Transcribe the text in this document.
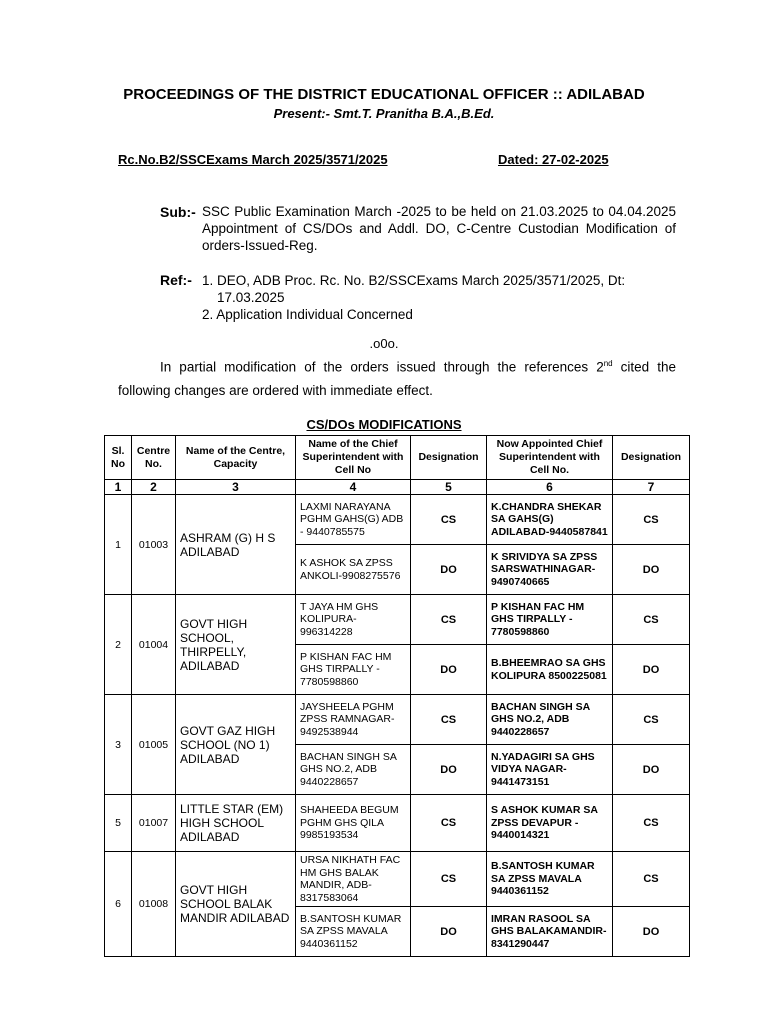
PROCEEDINGS OF THE DISTRICT EDUCATIONAL OFFICER :: ADILABAD
Present:- Smt.T. Pranitha B.A.,B.Ed.
Rc.No.B2/SSCExams March 2025/3571/2025	Dated: 27-02-2025
Sub:- SSC Public Examination March -2025 to be held on 21.03.2025 to 04.04.2025 Appointment of CS/DOs and Addl. DO, C-Centre Custodian Modification of orders-Issued-Reg.
Ref:- 1. DEO, ADB Proc. Rc. No. B2/SSCExams March 2025/3571/2025, Dt:
17.03.2025
2. Application Individual Concerned
.o0o.
In partial modification of the orders issued through the references 2nd cited the following changes are ordered with immediate effect.
CS/DOs MODIFICATIONS
Sl. No	Centre No.	Name of the Centre, Capacity	Name of the Chief Superintendent with Cell No	Designation	Now Appointed Chief Superintendent with Cell No.	Designation
1	2	3	4	5	6	7
1	01003	ASHRAM (G) H S ADILABAD	LAXMI NARAYANA PGHM GAHS(G) ADB - 9440785575	CS	K.CHANDRA SHEKAR SA GAHS(G) ADILABAD-9440587841	CS
			K ASHOK SA ZPSS ANKOLI-9908275576	DO	K SRIVIDYA SA ZPSS SARSWATHINAGAR-9490740665	DO
2	01004	GOVT HIGH SCHOOL, THIRPELLY, ADILABAD	T JAYA HM GHS KOLIPURA-996314228	CS	P KISHAN FAC HM GHS TIRPALLY - 7780598860	CS
			P KISHAN FAC HM GHS TIRPALLY - 7780598860	DO	B.BHEEMRAO SA GHS KOLIPURA 8500225081	DO
3	01005	GOVT GAZ HIGH SCHOOL (NO 1) ADILABAD	JAYSHEELA PGHM ZPSS RAMNAGAR-9492538944	CS	BACHAN SINGH SA GHS NO.2, ADB 9440228657	CS
			BACHAN SINGH SA GHS NO.2, ADB 9440228657	DO	N.YADAGIRI SA GHS VIDYA NAGAR-9441473151	DO
5	01007	LITTLE STAR (EM) HIGH SCHOOL ADILABAD	SHAHEEDA BEGUM PGHM GHS QILA 9985193534	CS	S ASHOK KUMAR SA ZPSS DEVAPUR - 9440014321	CS
6	01008	GOVT HIGH SCHOOL BALAK MANDIR ADILABAD	URSA NIKHATH FAC HM GHS BALAK MANDIR, ADB-8317583064	CS	B.SANTOSH KUMAR SA ZPSS MAVALA 9440361152	CS
			B.SANTOSH KUMAR SA ZPSS MAVALA 9440361152	DO	IMRAN RASOOL SA GHS BALAKAMANDIR-8341290447	DO
